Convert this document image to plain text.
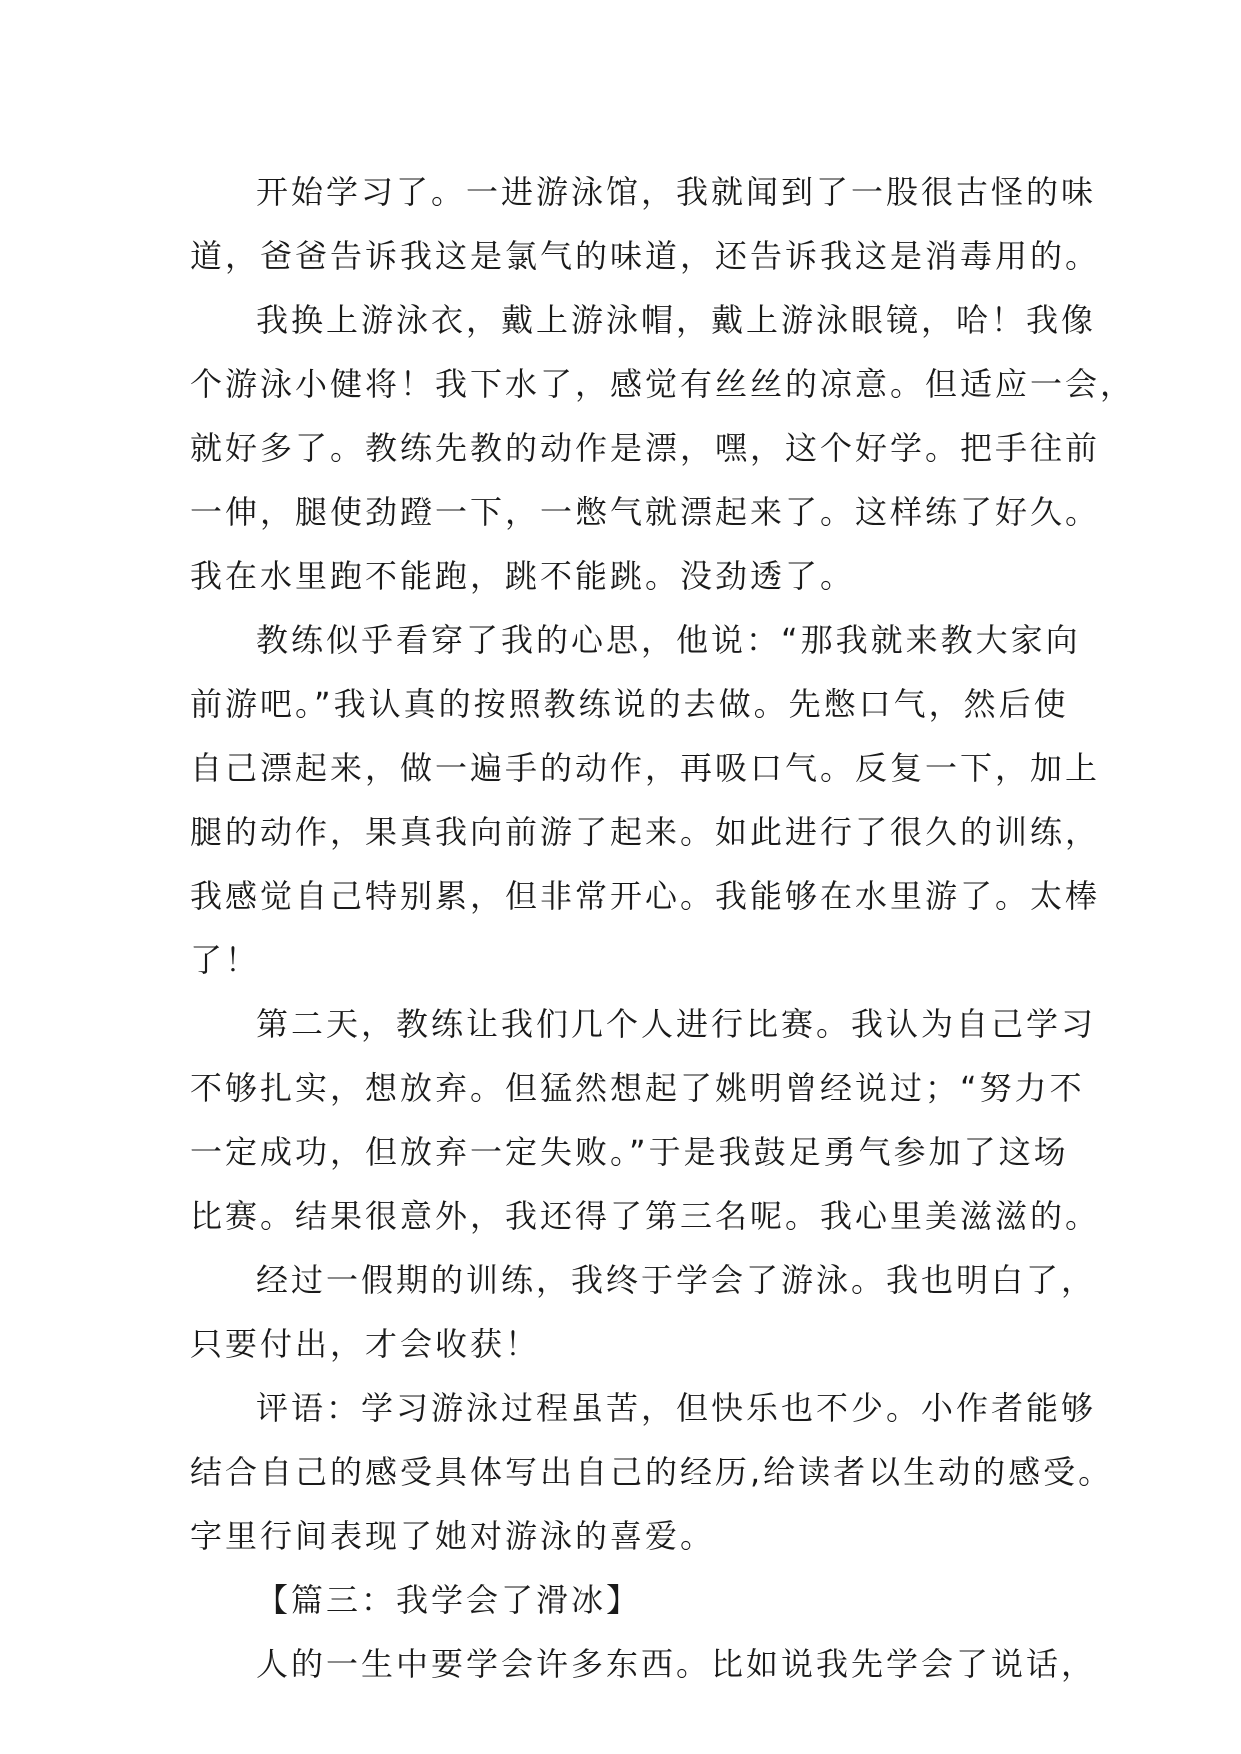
开始学习了。一进游泳馆，我就闻到了一股很古怪的味
道，爸爸告诉我这是氯气的味道，还告诉我这是消毒用的。
我换上游泳衣，戴上游泳帽，戴上游泳眼镜，哈！我像
个游泳小健将！我下水了，感觉有丝丝的凉意。但适应一会，
就好多了。教练先教的动作是漂，嘿，这个好学。把手往前
一伸，腿使劲蹬一下，一憋气就漂起来了。这样练了好久。
我在水里跑不能跑，跳不能跳。没劲透了。
教练似乎看穿了我的心思，他说：“那我就来教大家向
前游吧。”我认真的按照教练说的去做。先憋口气，然后使
自己漂起来，做一遍手的动作，再吸口气。反复一下，加上
腿的动作，果真我向前游了起来。如此进行了很久的训练，
我感觉自己特别累，但非常开心。我能够在水里游了。太棒
了！
第二天，教练让我们几个人进行比赛。我认为自己学习
不够扎实，想放弃。但猛然想起了姚明曾经说过；“努力不
一定成功，但放弃一定失败。”于是我鼓足勇气参加了这场
比赛。结果很意外，我还得了第三名呢。我心里美滋滋的。
经过一假期的训练，我终于学会了游泳。我也明白了，
只要付出，才会收获！
评语：学习游泳过程虽苦，但快乐也不少。小作者能够
结合自己的感受具体写出自己的经历,给读者以生动的感受。
字里行间表现了她对游泳的喜爱。
【篇三：我学会了滑冰】
人的一生中要学会许多东西。比如说我先学会了说话，
